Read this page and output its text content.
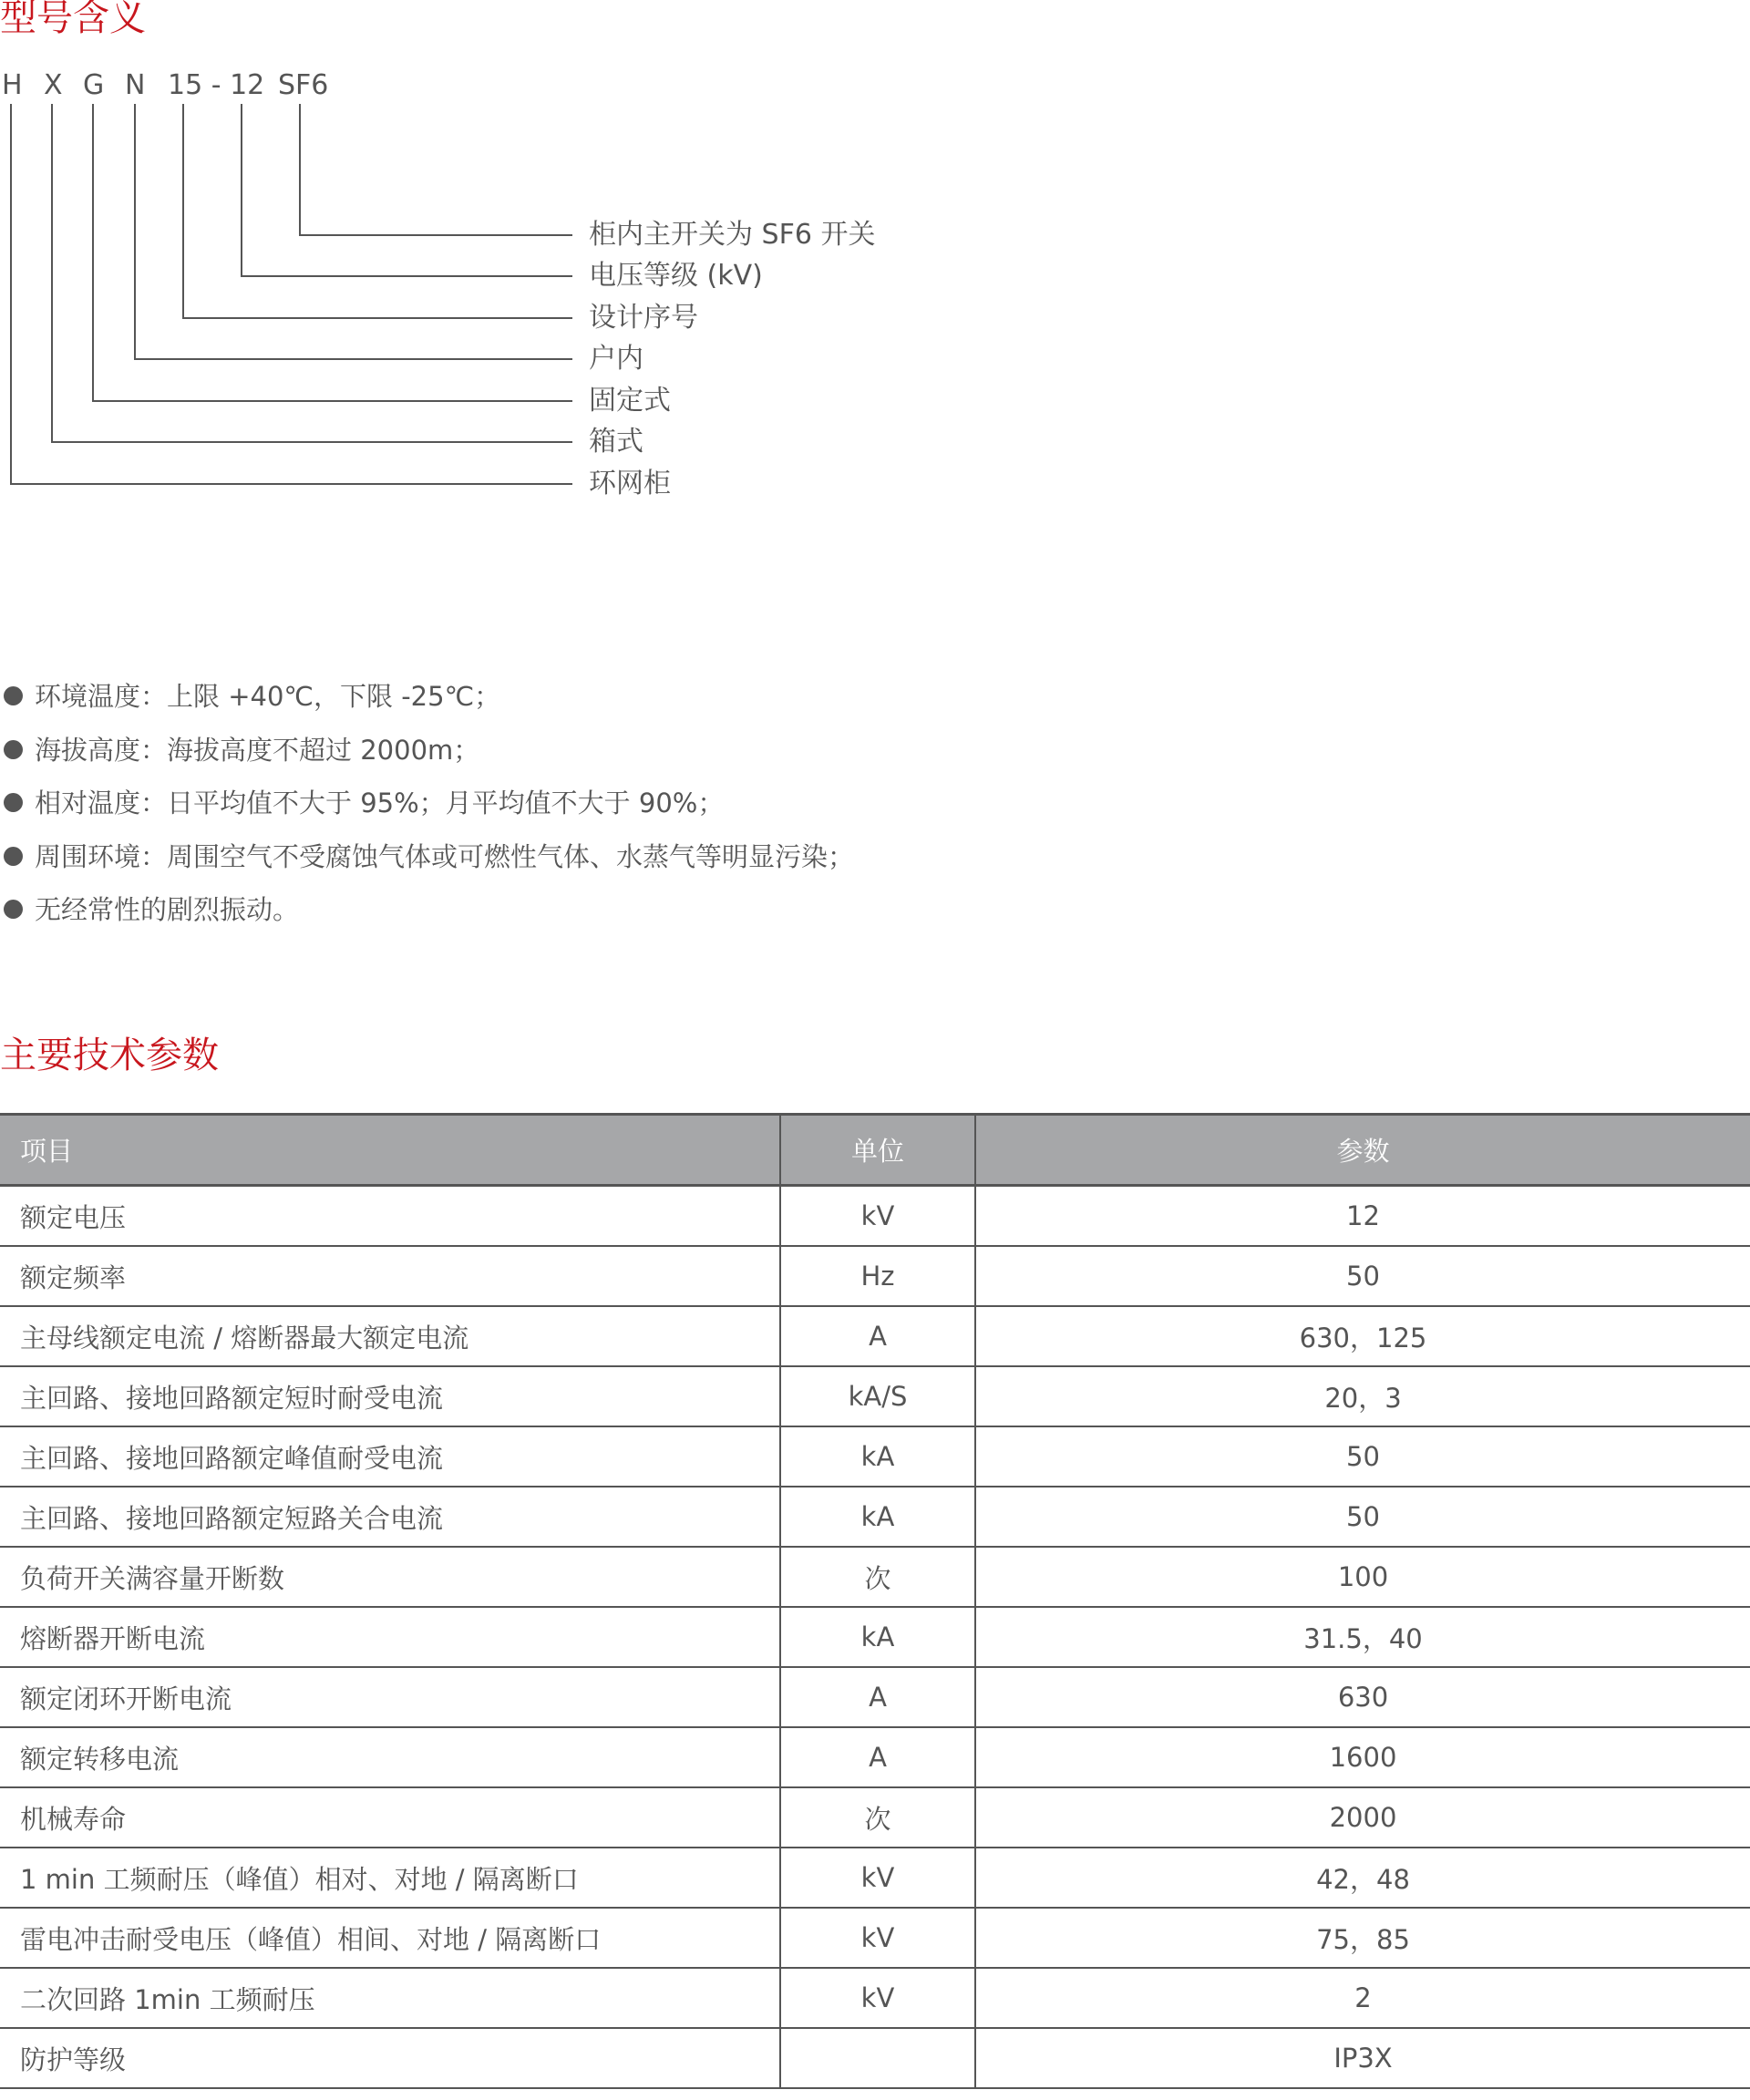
型号含义
H X G N 15 - 12 SF6
柜内主开关为 SF6 开关
电压等级 (kV)
设计序号
户内
固定式
箱式
环网柜
环境温度：上限 +40℃，下限 -25℃；
海拔高度：海拔高度不超过 2000m；
相对温度：日平均值不大于 95%；月平均值不大于 90%；
周围环境：周围空气不受腐蚀气体或可燃性气体、水蒸气等明显污染；
无经常性的剧烈振动。
主要技术参数
项目	单位	参数
额定电压	kV	12
额定频率	Hz	50
主母线额定电流 / 熔断器最大额定电流	A	630，125
主回路、接地回路额定短时耐受电流	kA/S	20，3
主回路、接地回路额定峰值耐受电流	kA	50
主回路、接地回路额定短路关合电流	kA	50
负荷开关满容量开断数	次	100
熔断器开断电流	kA	31.5，40
额定闭环开断电流	A	630
额定转移电流	A	1600
机械寿命	次	2000
1 min 工频耐压（峰值）相对、对地 / 隔离断口	kV	42，48
雷电冲击耐受电压（峰值）相间、对地 / 隔离断口	kV	75，85
二次回路 1min 工频耐压	kV	2
防护等级		IP3X
